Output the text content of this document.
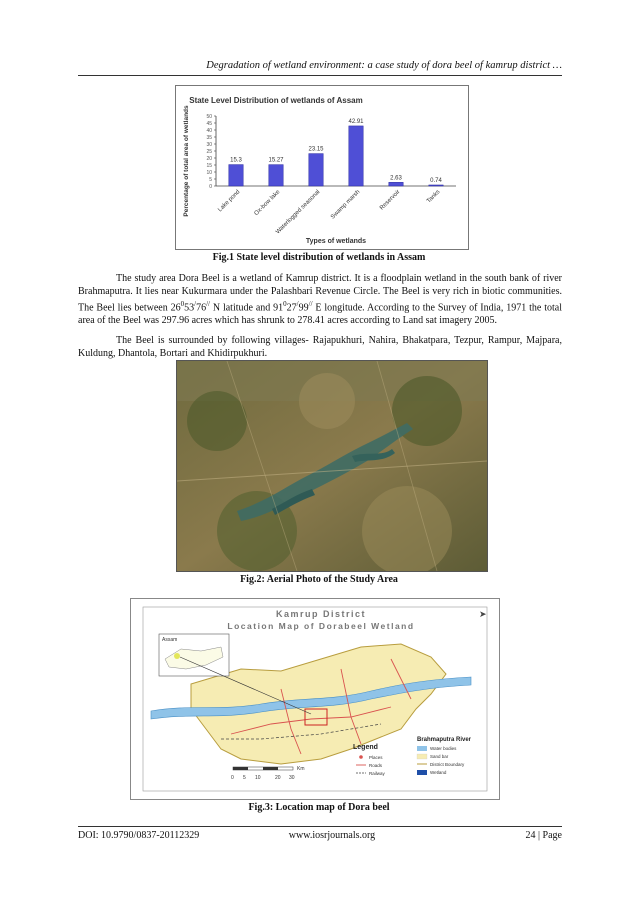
Degradation of wetland environment: a case study of dora beel of kamrup district …
State Level Distribution of wetlands of Assam
Percentage of total area of wetlands
Types of wetlands
0
5
10
15
20
25
30
35
40
45
50
15.3
Lake pond
15.27
Ox-bow lake
23.15
Waterlogged seasonal
42.91
Swamp marsh
2.63
Reservoir
0.74
Tanks
Fig.1 State level distribution of wetlands in Assam

The study area Dora Beel is a wetland of Kamrup district. It is a floodplain wetland in the south bank of river Brahmaputra. It lies near Kukurmara under the Palashbari Revenue Circle. The Beel is very rich in biotic communities. The Beel lies between $26^053^/76^{//}$ N latitude and $91^027^/99^{//}$ E longitude. According to the Survey of India, 1971 the total area of the Beel was 297.96 acres which has shrunk to 278.41 acres according to Land sat imagery 2005.

The Beel is surrounded by following villages- Rajapukhuri, Nahira, Bhakatpara, Tezpur, Rampur, Majpara, Kuldung, Dhantola, Bortari and Khidirpukhuri.

Fig.2: Aerial Photo of the Study Area
Kamrup District
Location Map of Dorabeel Wetland
➤
Assam
Km
0 5 10	20 30
Legend
Places
Roads
Railway
Brahmaputra River
Water bodies
Sand bar
District Boundary
Wetland
Fig.3: Location map of Dora beel
DOI: 10.9790/0837-20112329	www.iosrjournals.org	24 | Page
